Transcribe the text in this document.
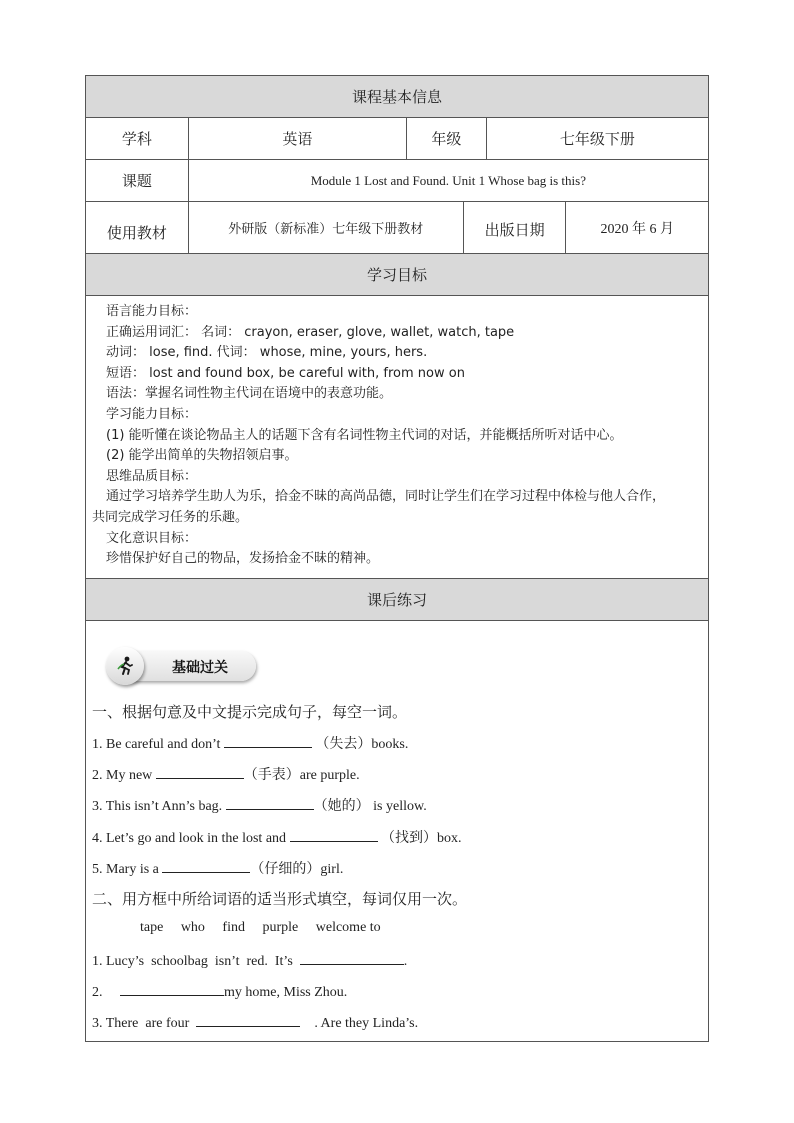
课程基本信息
学科	英语	年级	七年级下册
课题	Module 1 Lost and Found. Unit 1 Whose bag is this?
使用教材	外研版（新标准）七年级下册教材	出版日期	2020 年 6 月
学习目标
语言能力目标：
正确运用词汇： 名词： crayon, eraser, glove, wallet, watch, tape
动词： lose, find. 代词： whose, mine, yours, hers.
短语： lost and found box, be careful with, from now on
语法：掌握名词性物主代词在语境中的表意功能。
学习能力目标：
(1) 能听懂在谈论物品主人的话题下含有名词性物主代词的对话，并能概括所听对话中心。
(2) 能学出简单的失物招领启事。
思维品质目标：
通过学习培养学生助人为乐，拾金不昧的高尚品德，同时让学生们在学习过程中体检与他人合作，
共同完成学习任务的乐趣。
文化意识目标：
珍惜保护好自己的物品，发扬拾金不昧的精神。
课后练习
基础过关
一、根据句意及中文提示完成句子，每空一词。
1. Be careful and don’t	（失去）books.
2. My new	（手表）are purple.
3. This isn’t Ann’s bag.	（她的） is yellow.
4. Let’s go and look in the lost and	（找到）box.
5. Mary is a	（仔细的）girl.
二、用方框中所给词语的适当形式填空，每词仅用一次。
tape     who     find     purple     welcome to
1. Lucy’s  schoolbag  isn’t  red.  It’s	.
2.	my home, Miss Zhou.
3. There  are four	. Are they Linda’s.
